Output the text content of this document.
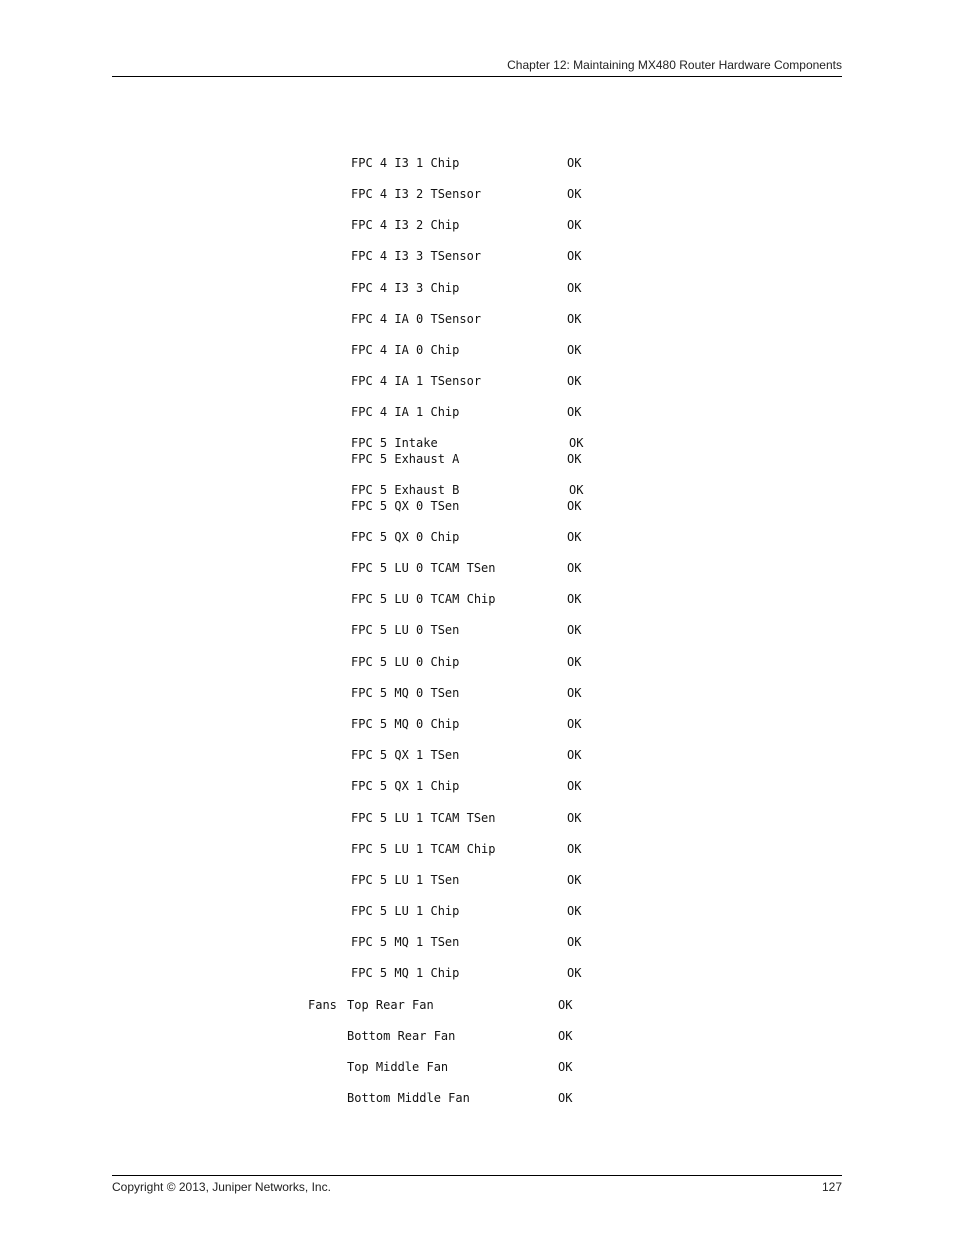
Chapter 12: Maintaining MX480 Router Hardware Components

FPC 4 I3 1 Chip	OK

FPC 4 I3 2 TSensor	OK

FPC 4 I3 2 Chip	OK

FPC 4 I3 3 TSensor	OK

FPC 4 I3 3 Chip	OK

FPC 4 IA 0 TSensor	OK

FPC 4 IA 0 Chip	OK

FPC 4 IA 1 TSensor	OK

FPC 4 IA 1 Chip	OK

FPC 5 Intake	OK

FPC 5 Exhaust A	OK

FPC 5 Exhaust B	OK

FPC 5 QX 0 TSen	OK

FPC 5 QX 0 Chip	OK

FPC 5 LU 0 TCAM TSen	OK

FPC 5 LU 0 TCAM Chip	OK

FPC 5 LU 0 TSen	OK

FPC 5 LU 0 Chip	OK

FPC 5 MQ 0 TSen	OK

FPC 5 MQ 0 Chip	OK

FPC 5 QX 1 TSen	OK

FPC 5 QX 1 Chip	OK

FPC 5 LU 1 TCAM TSen	OK

FPC 5 LU 1 TCAM Chip	OK

FPC 5 LU 1 TSen	OK

FPC 5 LU 1 Chip	OK

FPC 5 MQ 1 TSen	OK

FPC 5 MQ 1 Chip	OK

Fans Top Rear Fan	OK

Bottom Rear Fan	OK

Top Middle Fan	OK

Bottom Middle Fan	OK

Copyright © 2013, Juniper Networks, Inc.	127
